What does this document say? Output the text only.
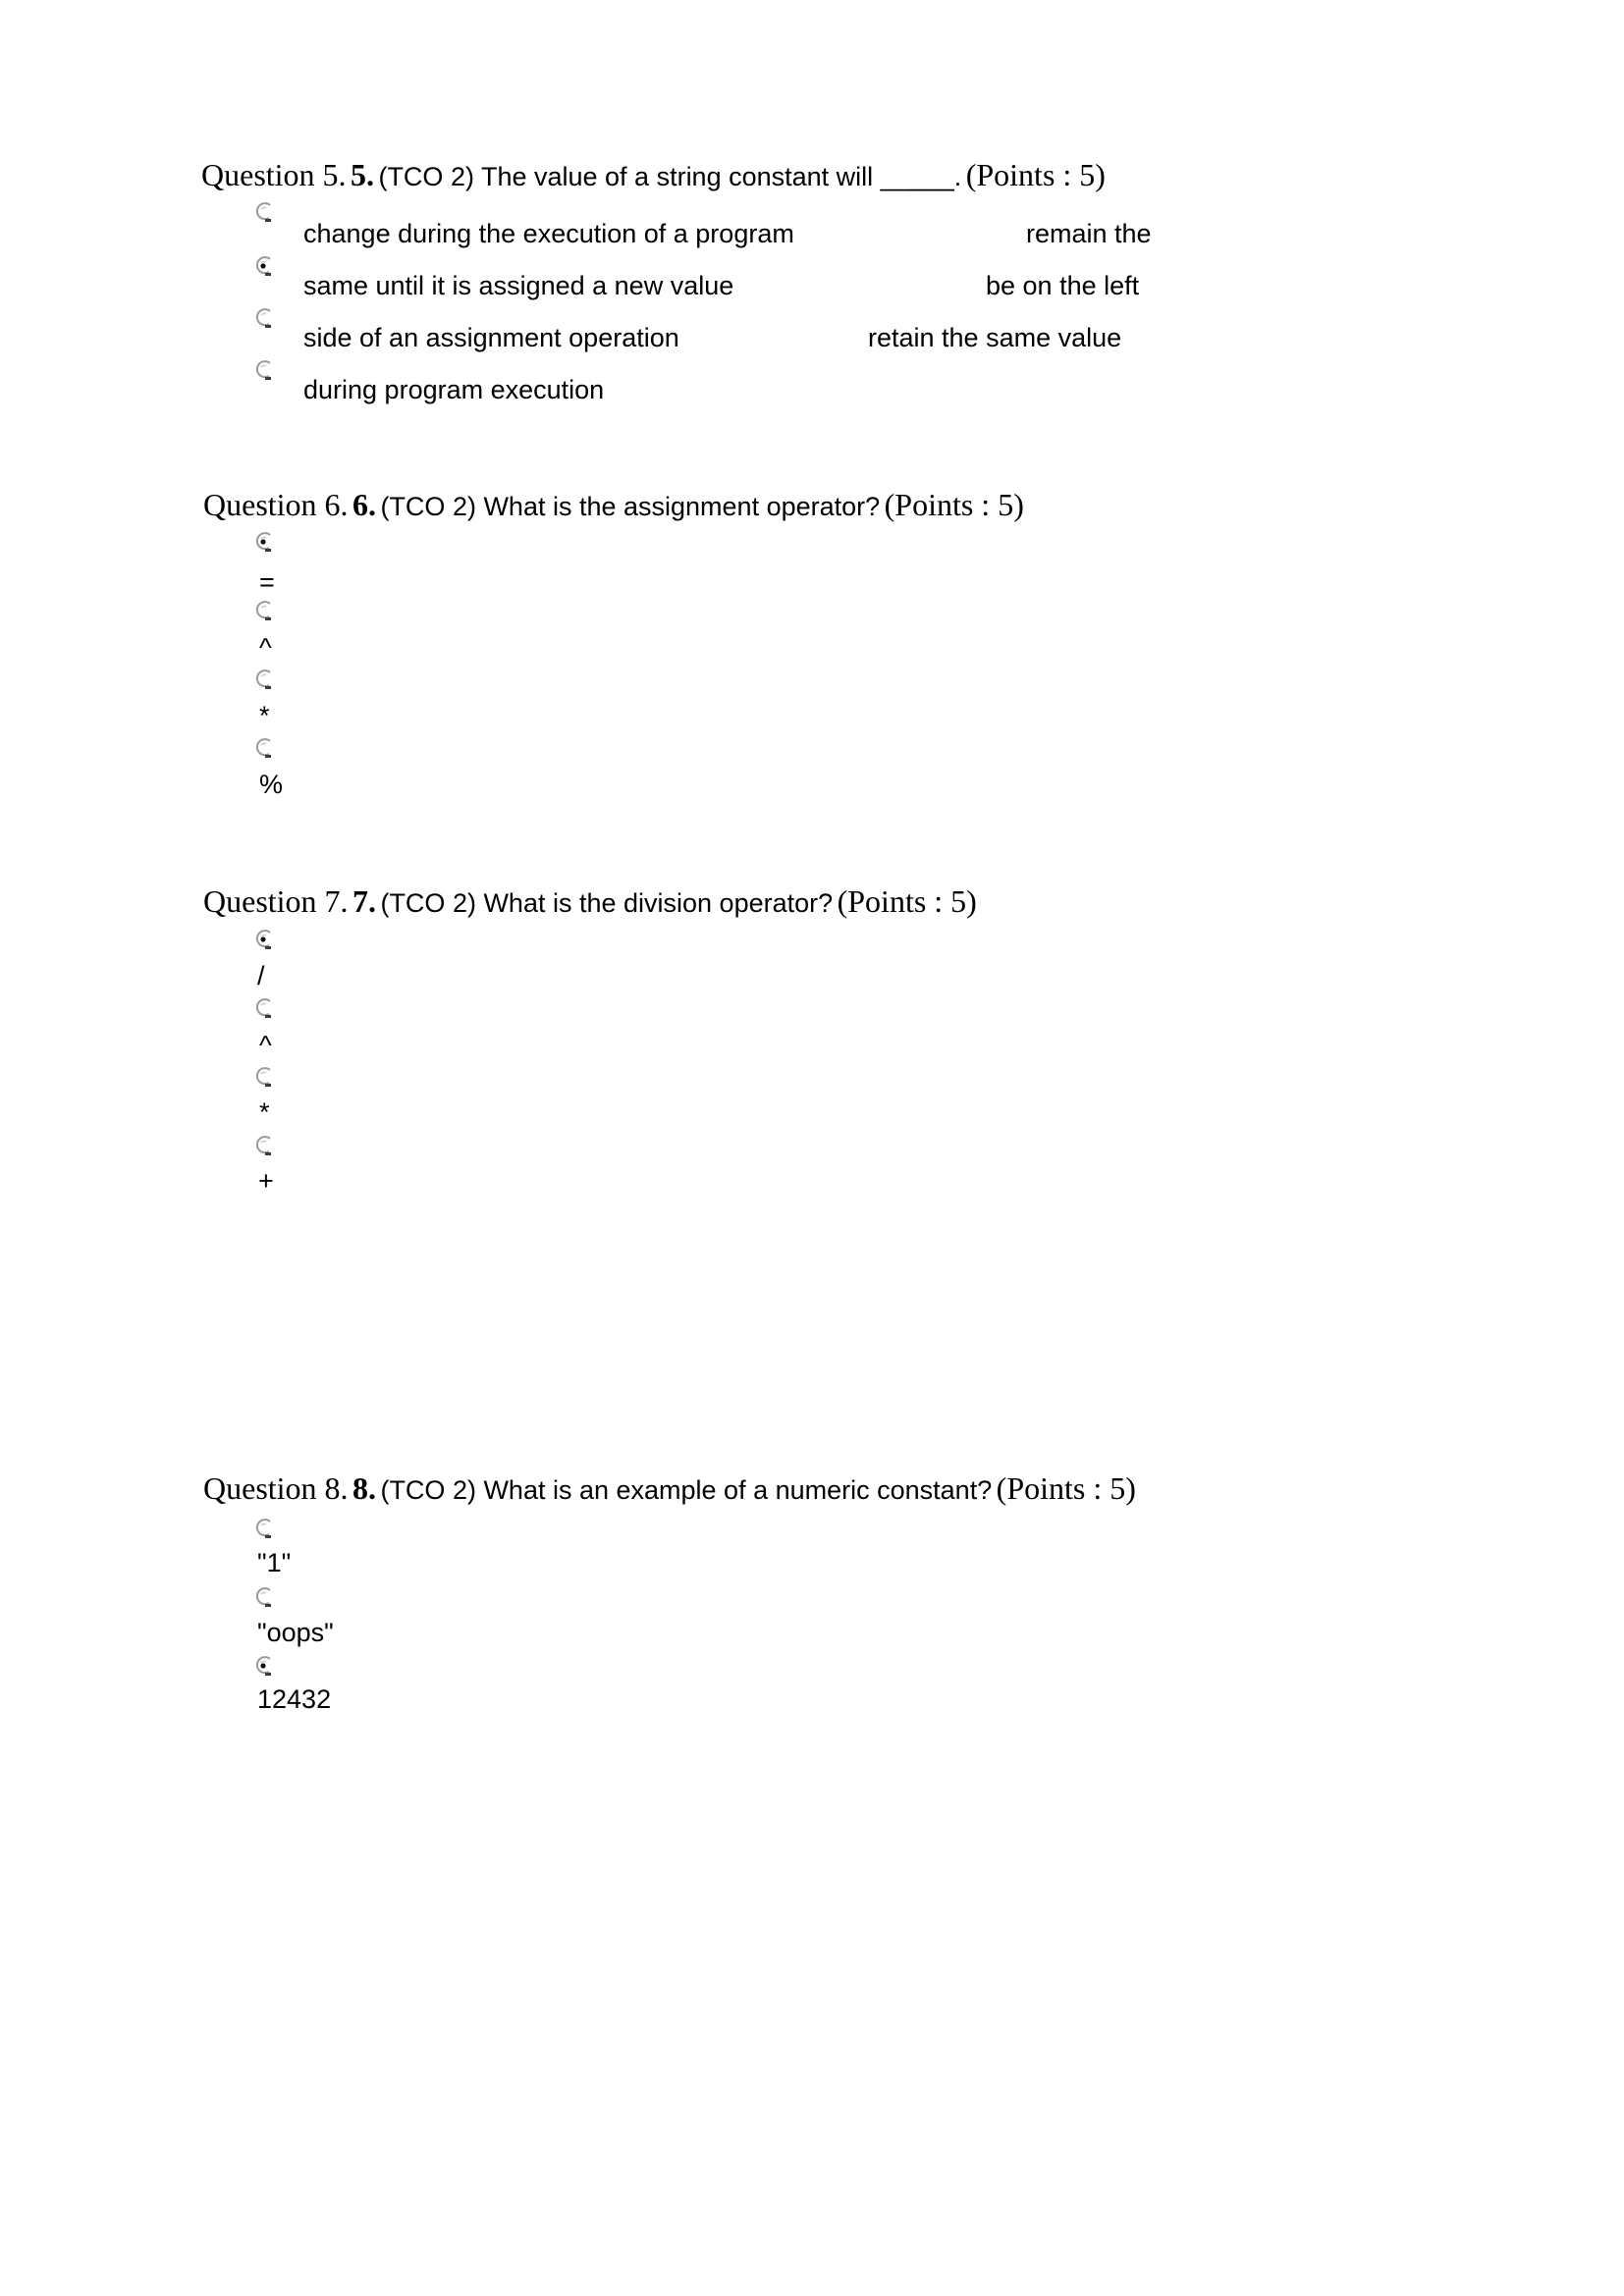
Question 5. 5. (TCO 2) The value of a string constant will _____. (Points : 5)
change during the execution of a program	remain the
same until it is assigned a new value	be on the left
side of an assignment operation	retain the same value
during program execution
Question 6. 6. (TCO 2) What is the assignment operator? (Points : 5)
=
^
*
%
Question 7. 7. (TCO 2) What is the division operator? (Points : 5)
/
^
*
+
Question 8. 8. (TCO 2) What is an example of a numeric constant? (Points : 5)
"1"
"oops"
12432
